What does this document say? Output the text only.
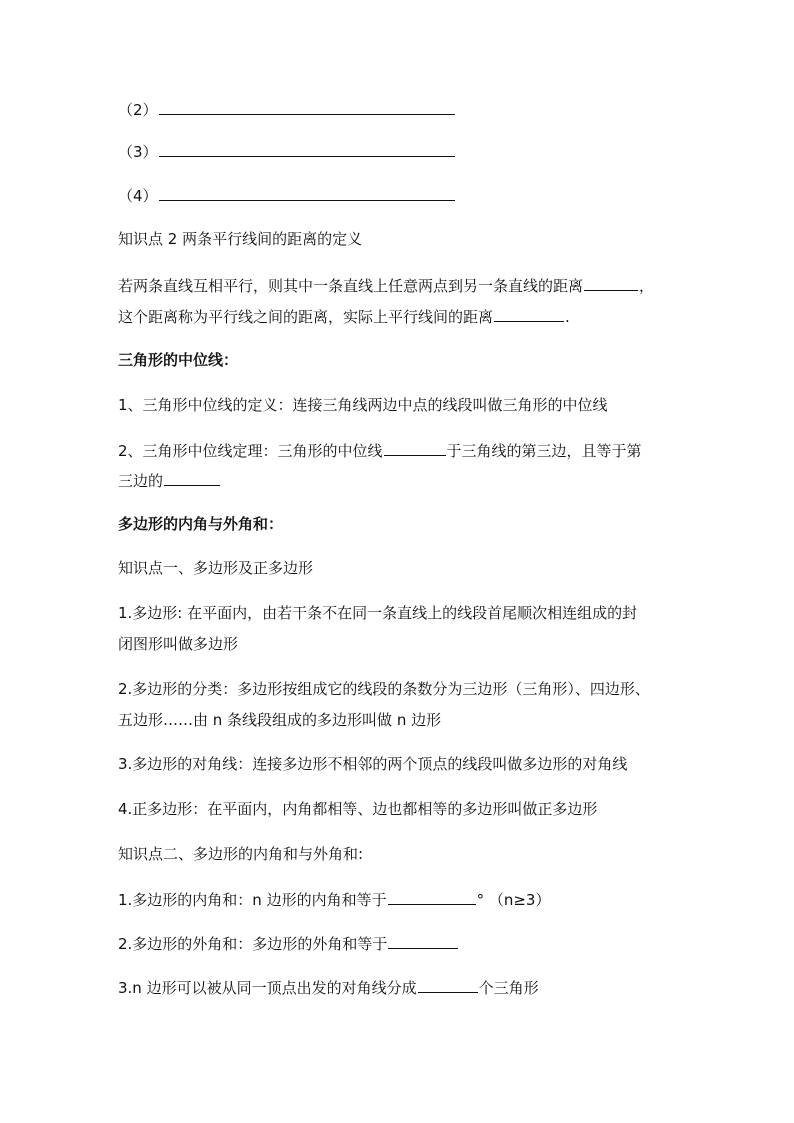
（2）
（3）
（4）
知识点 2 两条平行线间的距离的定义
若两条直线互相平行，则其中一条直线上任意两点到另一条直线的距离	，
这个距离称为平行线之间的距离，实际上平行线间的距离	.
三角形的中位线：
1、三角形中位线的定义：连接三角线两边中点的线段叫做三角形的中位线
2、三角形中位线定理：三角形的中位线	于三角线的第三边，且等于第
三边的
多边形的内角与外角和：
知识点一、多边形及正多边形
1.多边形: 在平面内，由若干条不在同一条直线上的线段首尾顺次相连组成的封
闭图形叫做多边形
2.多边形的分类：多边形按组成它的线段的条数分为三边形（三角形）、四边形、
五边形……由 n 条线段组成的多边形叫做 n 边形
3.多边形的对角线：连接多边形不相邻的两个顶点的线段叫做多边形的对角线
4.正多边形：在平面内，内角都相等、边也都相等的多边形叫做正多边形
知识点二、多边形的内角和与外角和:
1.多边形的内角和：n 边形的内角和等于	° （n≥3）
2.多边形的外角和：多边形的外角和等于
3.n 边形可以被从同一顶点出发的对角线分成	个三角形
